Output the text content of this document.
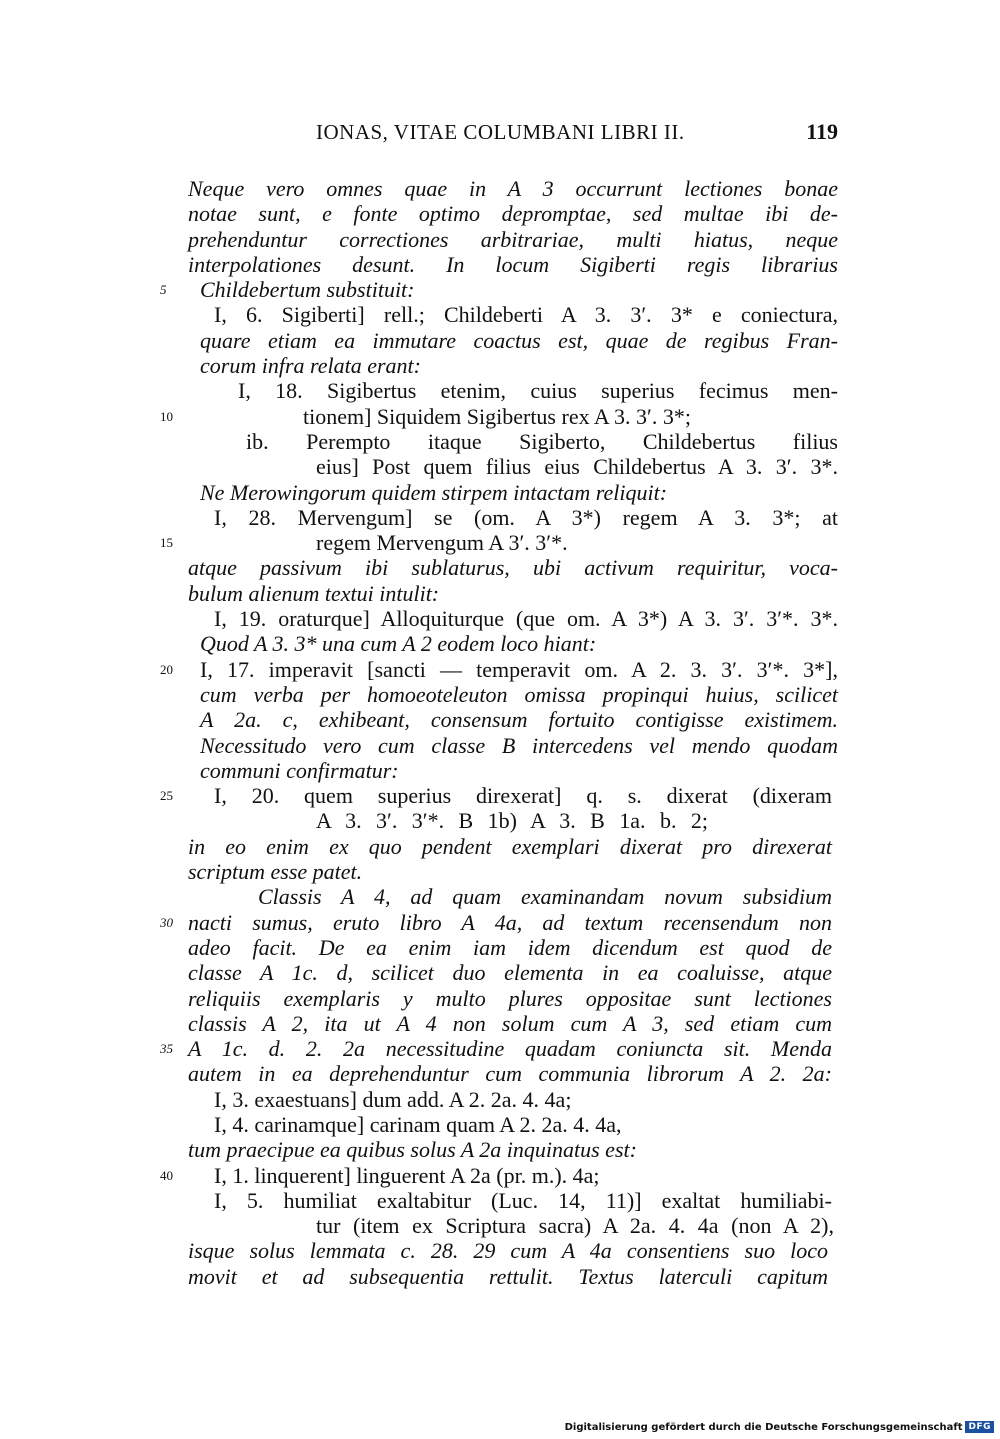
IONAS, VITAE COLUMBANI LIBRI II.	119
Neque vero omnes quae in A 3 occurrunt lectiones bonae
notae sunt, e fonte optimo depromptae, sed multae ibi de-
prehenduntur correctiones arbitrariae, multi hiatus, neque
interpolationes desunt. In locum Sigiberti regis librarius
5 Childebertum substituit:
I, 6. Sigiberti] rell.; Childeberti A 3. 3′. 3* e coniectura,
quare etiam ea immutare coactus est, quae de regibus Fran-
corum infra relata erant:
I, 18. Sigibertus etenim, cuius superius fecimus men-
10	tionem] Siquidem Sigibertus rex A 3. 3′. 3*;
ib. Perempto itaque Sigiberto, Childebertus filius
eius] Post quem filius eius Childebertus A 3. 3′. 3*.
Ne Merowingorum quidem stirpem intactam reliquit:
I, 28. Mervengum] se (om. A 3*) regem A 3. 3*; at
15	regem Mervengum A 3′. 3′*.
atque passivum ibi sublaturus, ubi activum requiritur, voca-
bulum alienum textui intulit:
I, 19. oraturque] Alloquiturque (que om. A 3*) A 3. 3′. 3′*. 3*.
Quod A 3. 3* una cum A 2 eodem loco hiant:
20 I, 17. imperavit [sancti — temperavit om. A 2. 3. 3′. 3′*. 3*],
cum verba per homoeoteleuton omissa propinqui huius, scilicet
A 2a. c, exhibeant, consensum fortuito contigisse existimem.
Necessitudo vero cum classe B intercedens vel mendo quodam
communi confirmatur:
25 I, 20. quem superius direxerat] q. s. dixerat (dixeram
A 3. 3′. 3′*. B 1b) A 3. B 1a. b. 2;
in eo enim ex quo pendent exemplari dixerat pro direxerat
scriptum esse patet.
Classis A 4, ad quam examinandam novum subsidium
30 nacti sumus, eruto libro A 4a, ad textum recensendum non
adeo facit. De ea enim iam idem dicendum est quod de
classe A 1c. d, scilicet duo elementa in ea coaluisse, atque
reliquiis exemplaris y multo plures oppositae sunt lectiones
classis A 2, ita ut A 4 non solum cum A 3, sed etiam cum
35 A 1c. d. 2. 2a necessitudine quadam coniuncta sit. Menda
autem in ea deprehenduntur cum communia librorum A 2. 2a:
I, 3. exaestuans] dum add. A 2. 2a. 4. 4a;
I, 4. carinamque] carinam quam A 2. 2a. 4. 4a,
tum praecipue ea quibus solus A 2a inquinatus est:
40 I, 1. linquerent] linguerent A 2a (pr. m.). 4a;
I, 5. humiliat exaltabitur (Luc. 14, 11)] exaltat humiliabi-
tur (item ex Scriptura sacra) A 2a. 4. 4a (non A 2),
isque solus lemmata c. 28. 29 cum A 4a consentiens suo loco
movit et ad subsequentia rettulit. Textus laterculi capitum
Digitalisierung gefördert durch die Deutsche Forschungsgemeinschaft DFG
